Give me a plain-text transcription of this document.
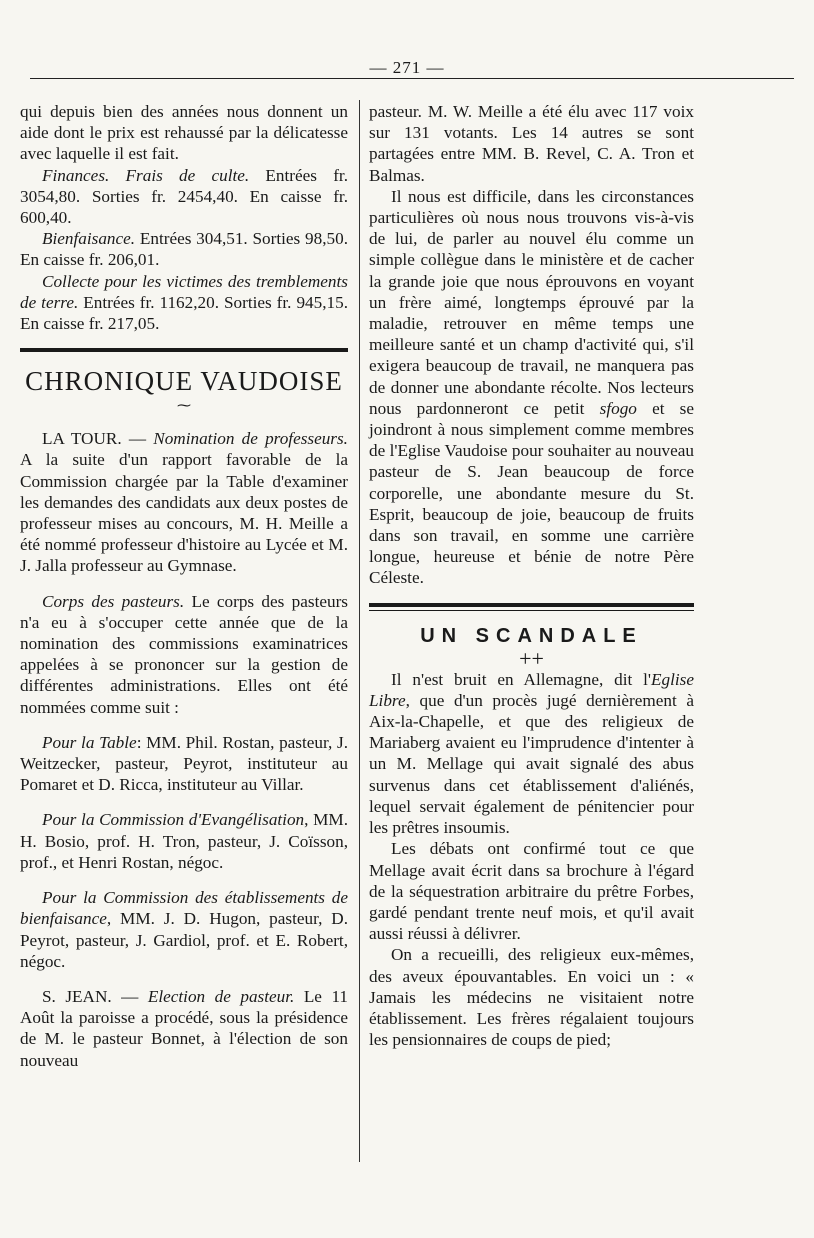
— 271 —

qui depuis bien des années nous donnent un aide dont le prix est rehaussé par la délicatesse avec laquelle il est fait.

Finances. Frais de culte. Entrées fr. 3054,80. Sorties fr. 2454,40. En caisse fr. 600,40.

Bienfaisance. Entrées 304,51. Sorties 98,50. En caisse fr. 206,01.

Collecte pour les victimes des tremblements de terre. Entrées fr. 1162,20. Sorties fr. 945,15. En caisse fr. 217,05.

CHRONIQUE VAUDOISE
⁓

LA TOUR. — Nomination de professeurs. A la suite d'un rapport favorable de la Commission chargée par la Table d'examiner les demandes des candidats aux deux postes de professeur mises au concours, M. H. Meille a été nommé professeur d'histoire au Lycée et M. J. Jalla professeur au Gymnase.

Corps des pasteurs. Le corps des pasteurs n'a eu à s'occuper cette année que de la nomination des commissions examinatrices appelées à se prononcer sur la gestion de différentes administrations. Elles ont été nommées comme suit :

Pour la Table: MM. Phil. Rostan, pasteur, J. Weitzecker, pasteur, Peyrot, instituteur au Pomaret et D. Ricca, instituteur au Villar.

Pour la Commission d'Evangélisation, MM. H. Bosio, prof. H. Tron, pasteur, J. Coïsson, prof., et Henri Rostan, négoc.

Pour la Commission des établissements de bienfaisance, MM. J. D. Hugon, pasteur, D. Peyrot, pasteur, J. Gardiol, prof. et E. Robert, négoc.

S. JEAN. — Election de pasteur. Le 11 Août la paroisse a procédé, sous la présidence de M. le pasteur Bonnet, à l'élection de son nouveau

pasteur. M. W. Meille a été élu avec 117 voix sur 131 votants. Les 14 autres se sont partagées entre MM. B. Revel, C. A. Tron et Balmas.

Il nous est difficile, dans les circonstances particulières où nous nous trouvons vis-à-vis de lui, de parler au nouvel élu comme un simple collègue dans le ministère et de cacher la grande joie que nous éprouvons en voyant un frère aimé, longtemps éprouvé par la maladie, retrouver en même temps une meilleure santé et un champ d'activité qui, s'il exigera beaucoup de travail, ne manquera pas de donner une abondante récolte. Nos lecteurs nous pardonneront ce petit sfogo et se joindront à nous simplement comme membres de l'Eglise Vaudoise pour souhaiter au nouveau pasteur de S. Jean beaucoup de force corporelle, une abondante mesure du St. Esprit, beaucoup de joie, beaucoup de fruits dans son travail, en somme une carrière longue, heureuse et bénie de notre Père Céleste.

UN SCANDALE
++

Il n'est bruit en Allemagne, dit l'Eglise Libre, que d'un procès jugé dernièrement à Aix-la-Chapelle, et que des religieux de Mariaberg avaient eu l'imprudence d'intenter à un M. Mellage qui avait signalé des abus survenus dans cet établissement d'aliénés, lequel servait également de pénitencier pour les prêtres insoumis.

Les débats ont confirmé tout ce que Mellage avait écrit dans sa brochure à l'égard de la séquestration arbitraire du prêtre Forbes, gardé pendant trente neuf mois, et qu'il avait aussi réussi à délivrer.

On a recueilli, des religieux eux-mêmes, des aveux épouvantables. En voici un : « Jamais les médecins ne visitaient notre établissement. Les frères régalaient toujours les pensionnaires de coups de pied;
